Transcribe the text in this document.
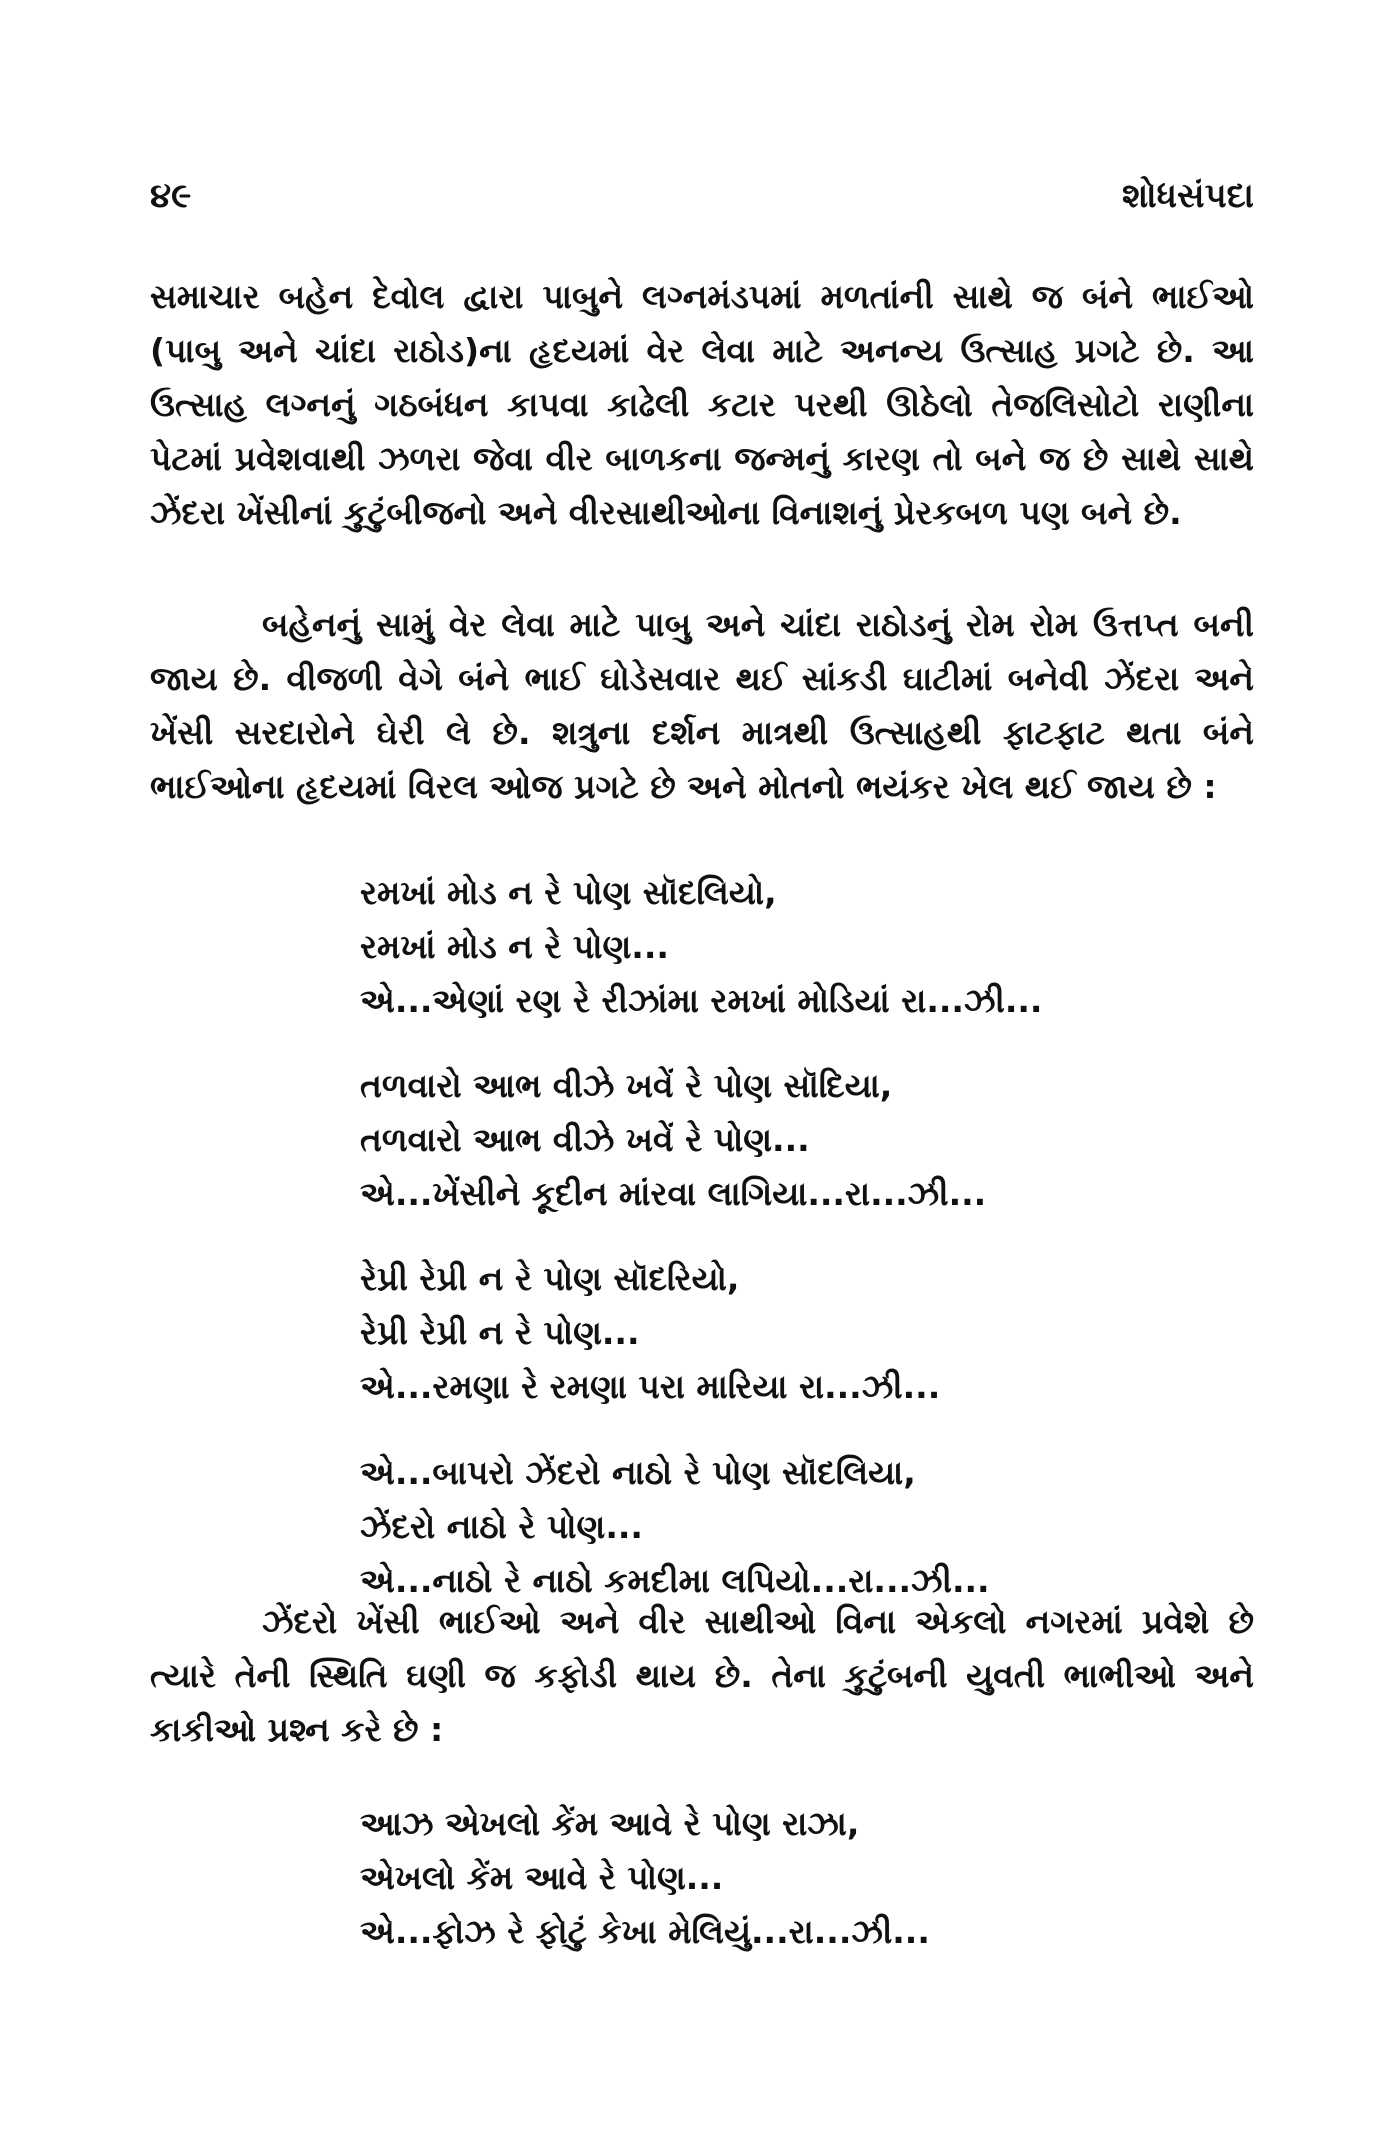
૪૯	શોધસંપદા

સમાચાર બહેન દેવોલ દ્વારા પાબુને લગ્નમંડપમાં મળતાંની સાથે જ બંને ભાઈઓ (પાબુ અને ચાંદા રાઠોડ)ના હૃદયમાં વેર લેવા માટે અનન્ય ઉત્સાહ પ્રગટે છે. આ ઉત્સાહ લગ્નનું ગઠબંધન કાપવા કાઢેલી કટાર પરથી ઊઠેલો તેજલિસોટો રાણીના પેટમાં પ્રવેશવાથી ઝળરા જેવા વીર બાળકના જન્મનું કારણ તો બને જ છે સાથે સાથે ઝેંદરા ખેંસીનાં કુટુંબીજનો અને વીરસાથીઓના વિનાશનું પ્રેરકબળ પણ બને છે.

બહેનનું સામું વેર લેવા માટે પાબુ અને ચાંદા રાઠોડનું રોમ રોમ ઉત્તપ્ત બની જાય છે. વીજળી વેગે બંને ભાઈ ઘોડેસવાર થઈ સાંકડી ઘાટીમાં બનેવી ઝેંદરા અને ખેંસી સરદારોને ઘેરી લે છે. શત્રુના દર્શન માત્રથી ઉત્સાહથી ફાટફાટ થતા બંને ભાઈઓના હૃદયમાં વિરલ ઓજ પ્રગટે છે અને મોતનો ભયંકર ખેલ થઈ જાય છે :

રમખાં મોડ ન રે પોણ સૉદલિયો,
રમખાં મોડ ન રે પોણ...
એ...એણાં રણ રે રીઝાંમા રમખાં મોડિયાં રા...ઝી...
તળવારો આભ વીઝે ખવેં રે પોણ સૉદિયા,
તળવારો આભ વીઝે ખવેં રે પોણ...
એ...ખેંસીને કૂદીન માંરવા લાગિયા...રા...ઝી...
રેપ્રી રેપ્રી ન રે પોણ સૉદરિયો,
રેપ્રી રેપ્રી ન રે પોણ...
એ...રમણા રે રમણા પરા મારિયા રા...ઝી...
એ...બાપરો ઝેંદરો નાઠો રે પોણ સૉદલિયા,
ઝેંદરો નાઠો રે પોણ...
એ...નાઠો રે નાઠો કમદીમા લપિયો...રા...ઝી...

ઝેંદરો ખેંસી ભાઈઓ અને વીર સાથીઓ વિના એકલો નગરમાં પ્રવેશે છે ત્યારે તેની સ્થિતિ ઘણી જ કફોડી થાય છે. તેના કુટુંબની યુવતી ભાભીઓ અને કાકીઓ પ્રશ્ન કરે છે :

આઝ એખલો કેંમ આવે રે પોણ રાઝા,
એખલો કેંમ આવે રે પોણ...
એ...ફોઝ રે ફોટું કેખા મેલિયું...રા...ઝી...
